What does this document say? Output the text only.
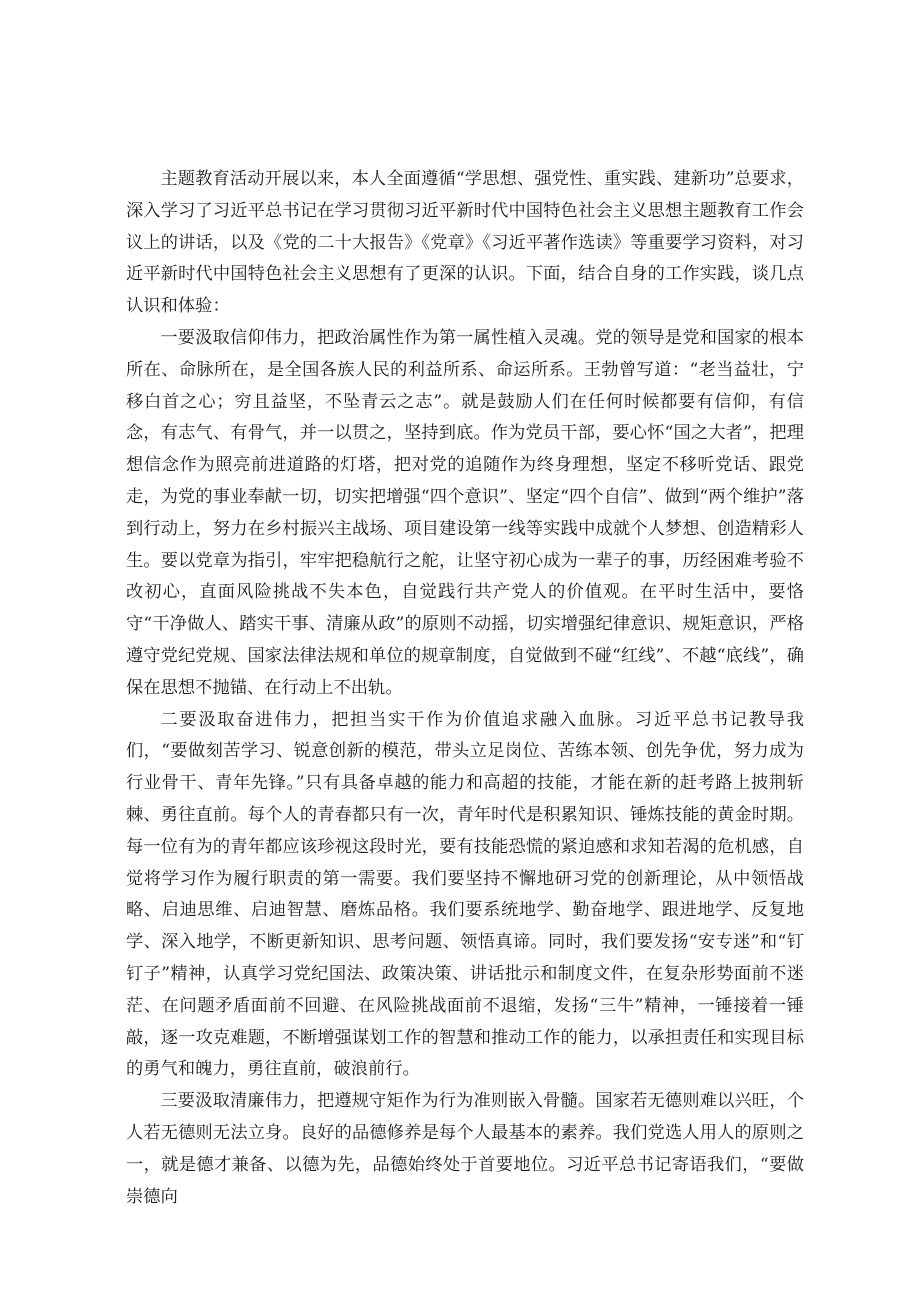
主题教育活动开展以来，本人全面遵循“学思想、强党性、重实践、建新功”总要求，深入学习了习近平总书记在学习贯彻习近平新时代中国特色社会主义思想主题教育工作会议上的讲话，以及《党的二十大报告》《党章》《习近平著作选读》等重要学习资料，对习近平新时代中国特色社会主义思想有了更深的认识。下面，结合自身的工作实践，谈几点认识和体验：

一要汲取信仰伟力，把政治属性作为第一属性植入灵魂。党的领导是党和国家的根本所在、命脉所在，是全国各族人民的利益所系、命运所系。王勃曾写道：“老当益壮，宁移白首之心；穷且益坚，不坠青云之志”。就是鼓励人们在任何时候都要有信仰，有信念，有志气、有骨气，并一以贯之，坚持到底。作为党员干部，要心怀“国之大者”，把理想信念作为照亮前进道路的灯塔，把对党的追随作为终身理想，坚定不移听党话、跟党走，为党的事业奉献一切，切实把增强“四个意识”、坚定“四个自信”、做到“两个维护”落到行动上，努力在乡村振兴主战场、项目建设第一线等实践中成就个人梦想、创造精彩人生。要以党章为指引，牢牢把稳航行之舵，让坚守初心成为一辈子的事，历经困难考验不改初心，直面风险挑战不失本色，自觉践行共产党人的价值观。在平时生活中，要恪守“干净做人、踏实干事、清廉从政”的原则不动摇，切实增强纪律意识、规矩意识，严格遵守党纪党规、国家法律法规和单位的规章制度，自觉做到不碰“红线”、不越“底线”，确保在思想不抛锚、在行动上不出轨。

二要汲取奋进伟力，把担当实干作为价值追求融入血脉。习近平总书记教导我们，“要做刻苦学习、锐意创新的模范，带头立足岗位、苦练本领、创先争优，努力成为行业骨干、青年先锋。”只有具备卓越的能力和高超的技能，才能在新的赶考路上披荆斩棘、勇往直前。每个人的青春都只有一次，青年时代是积累知识、锤炼技能的黄金时期。每一位有为的青年都应该珍视这段时光，要有技能恐慌的紧迫感和求知若渴的危机感，自觉将学习作为履行职责的第一需要。我们要坚持不懈地研习党的创新理论，从中领悟战略、启迪思维、启迪智慧、磨炼品格。我们要系统地学、勤奋地学、跟进地学、反复地学、深入地学，不断更新知识、思考问题、领悟真谛。同时，我们要发扬“安专迷”和“钉钉子”精神，认真学习党纪国法、政策决策、讲话批示和制度文件，在复杂形势面前不迷茫、在问题矛盾面前不回避、在风险挑战面前不退缩，发扬“三牛”精神，一锤接着一锤敲，逐一攻克难题，不断增强谋划工作的智慧和推动工作的能力，以承担责任和实现目标的勇气和魄力，勇往直前，破浪前行。

三要汲取清廉伟力，把遵规守矩作为行为准则嵌入骨髓。国家若无德则难以兴旺，个人若无德则无法立身。良好的品德修养是每个人最基本的素养。我们党选人用人的原则之一，就是德才兼备、以德为先，品德始终处于首要地位。习近平总书记寄语我们，“要做崇德向
